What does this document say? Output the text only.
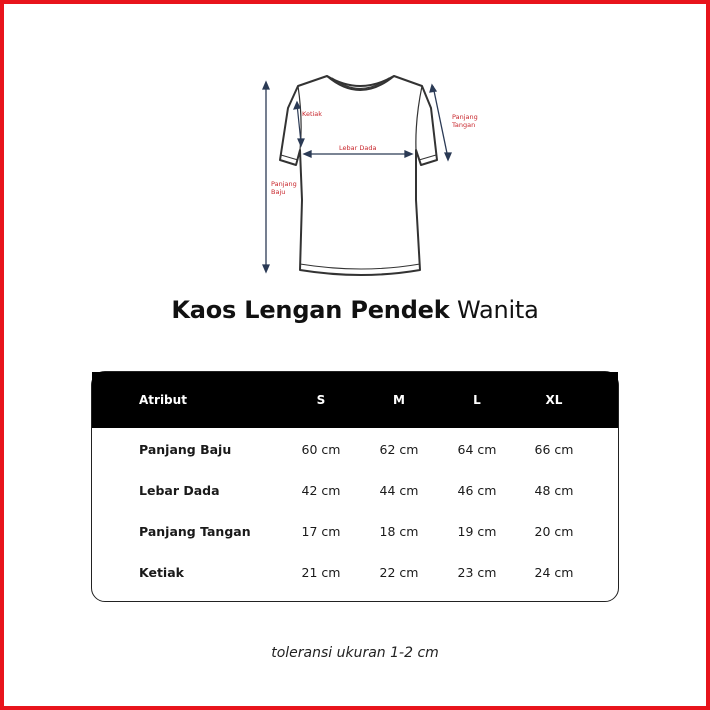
Ketiak
Lebar Dada
Panjang
Tangan
Panjang
Baju
Kaos Lengan Pendek Wanita
Atribut	S	M	L	XL
Panjang Baju	60 cm	62 cm	64 cm	66 cm
Lebar Dada	42 cm	44 cm	46 cm	48 cm
Panjang Tangan	17 cm	18 cm	19 cm	20 cm
Ketiak	21 cm	22 cm	23 cm	24 cm
toleransi ukuran 1-2 cm
